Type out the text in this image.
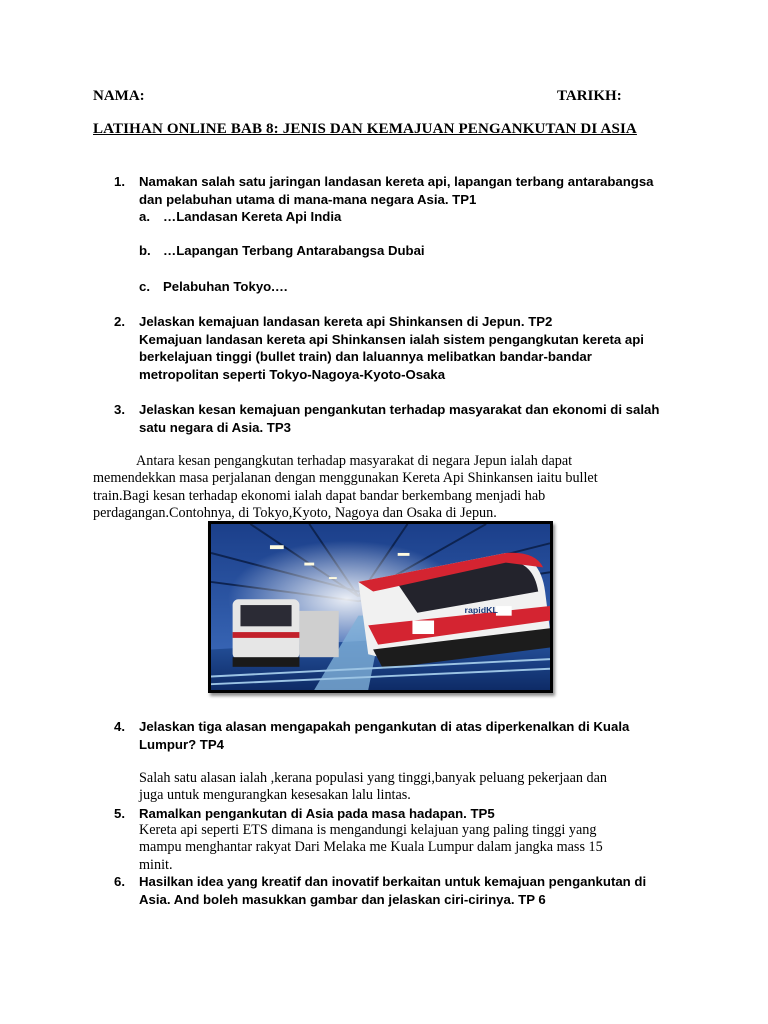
NAMA:	TARIKH:
LATIHAN ONLINE BAB 8: JENIS DAN KEMAJUAN PENGANKUTAN DI ASIA
1. Namakan salah satu jaringan landasan kereta api, lapangan terbang antarabangsa
dan pelabuhan utama di mana-mana negara Asia. TP1
a. …Landasan Kereta Api India
b. …Lapangan Terbang Antarabangsa Dubai
c. Pelabuhan Tokyo.…
2. Jelaskan kemajuan landasan kereta api Shinkansen di Jepun. TP2
Kemajuan landasan kereta api Shinkansen ialah sistem pengangkutan kereta api
berkelajuan tinggi (bullet train) dan laluannya melibatkan bandar-bandar
metropolitan seperti Tokyo-Nagoya-Kyoto-Osaka
3. Jelaskan kesan kemajuan pengankutan terhadap masyarakat dan ekonomi di salah
satu negara di Asia. TP3
Antara kesan pengangkutan terhadap masyarakat di negara Jepun ialah dapat
memendekkan masa perjalanan dengan menggunakan Kereta Api Shinkansen iaitu bullet
train.Bagi kesan terhadap ekonomi ialah dapat bandar berkembang menjadi hab
perdagangan.Contohnya, di Tokyo,Kyoto, Nagoya dan Osaka di Jepun.
rapidKL
4. Jelaskan tiga alasan mengapakah pengankutan di atas diperkenalkan di Kuala
Lumpur? TP4
Salah satu alasan ialah ,kerana populasi yang tinggi,banyak peluang pekerjaan dan
juga untuk mengurangkan kesesakan lalu lintas.
5. Ramalkan pengankutan di Asia pada masa hadapan. TP5
Kereta api seperti ETS dimana is mengandungi kelajuan yang paling tinggi yang
mampu menghantar rakyat Dari Melaka me Kuala Lumpur dalam jangka mass 15
minit.
6. Hasilkan idea yang kreatif dan inovatif berkaitan untuk kemajuan pengankutan di
Asia. And boleh masukkan gambar dan jelaskan ciri-cirinya. TP 6
